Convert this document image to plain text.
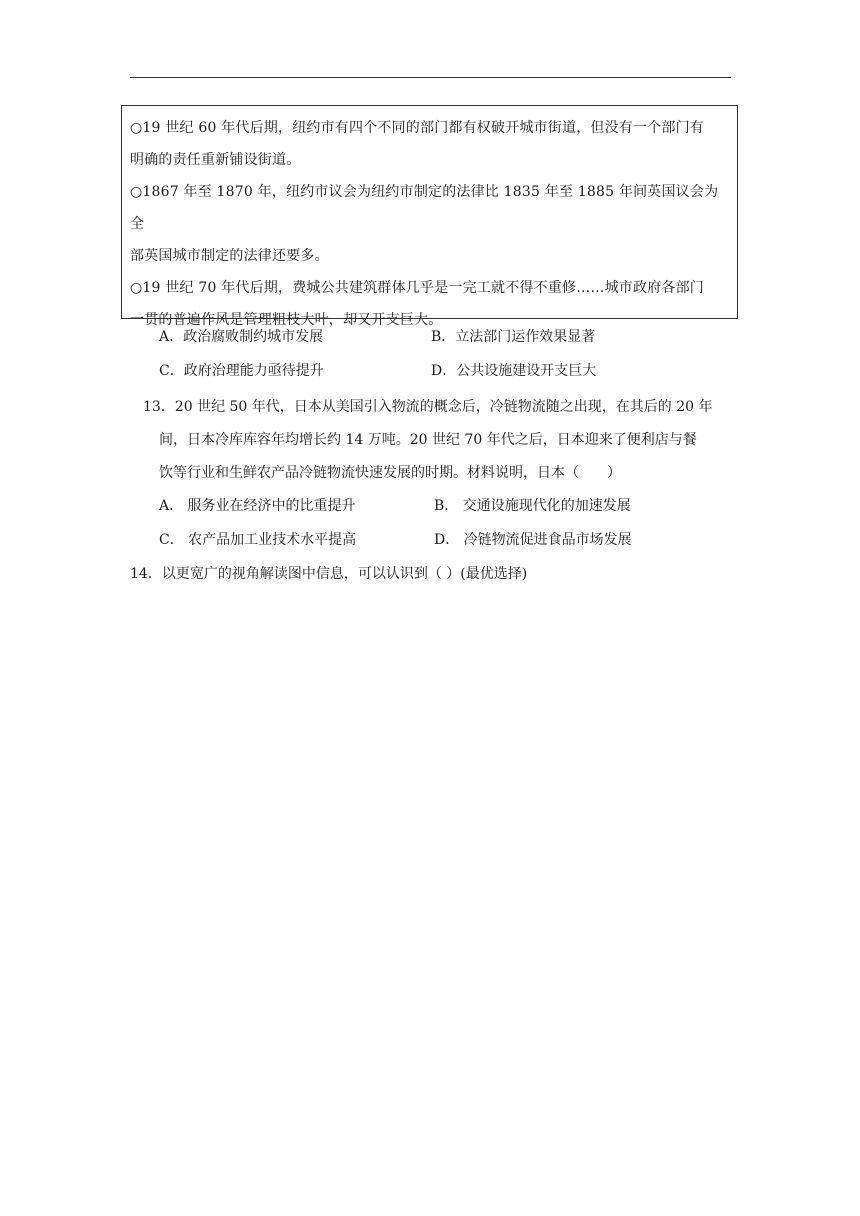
○19 世纪 60 年代后期，纽约市有四个不同的部门都有权破开城市街道，但没有一个部门有

明确的责任重新铺设街道。

○1867 年至 1870 年，纽约市议会为纽约市制定的法律比 1835 年至 1885 年间英国议会为全

部英国城市制定的法律还要多。

○19 世纪 70 年代后期，费城公共建筑群体几乎是一完工就不得不重修……城市政府各部门

一贯的普遍作风是管理粗枝大叶，却又开支巨大。

A．政治腐败制约城市发展	B．立法部门运作效果显著
C．政府治理能力亟待提升	D．公共设施建设开支巨大
13．20 世纪 50 年代，日本从美国引入物流的概念后，冷链物流随之出现，在其后的 20 年
间，日本冷库库容年均增长约 14 万吨。20 世纪 70 年代之后，日本迎来了便利店与餐
饮等行业和生鲜农产品冷链物流快速发展的时期。材料说明，日本（　　）
A． 服务业在经济中的比重提升	B． 交通设施现代化的加速发展
C． 农产品加工业技术水平提高	D． 冷链物流促进食品市场发展
14．以更宽广的视角解读图中信息，可以认识到（ ）(最优选择)
